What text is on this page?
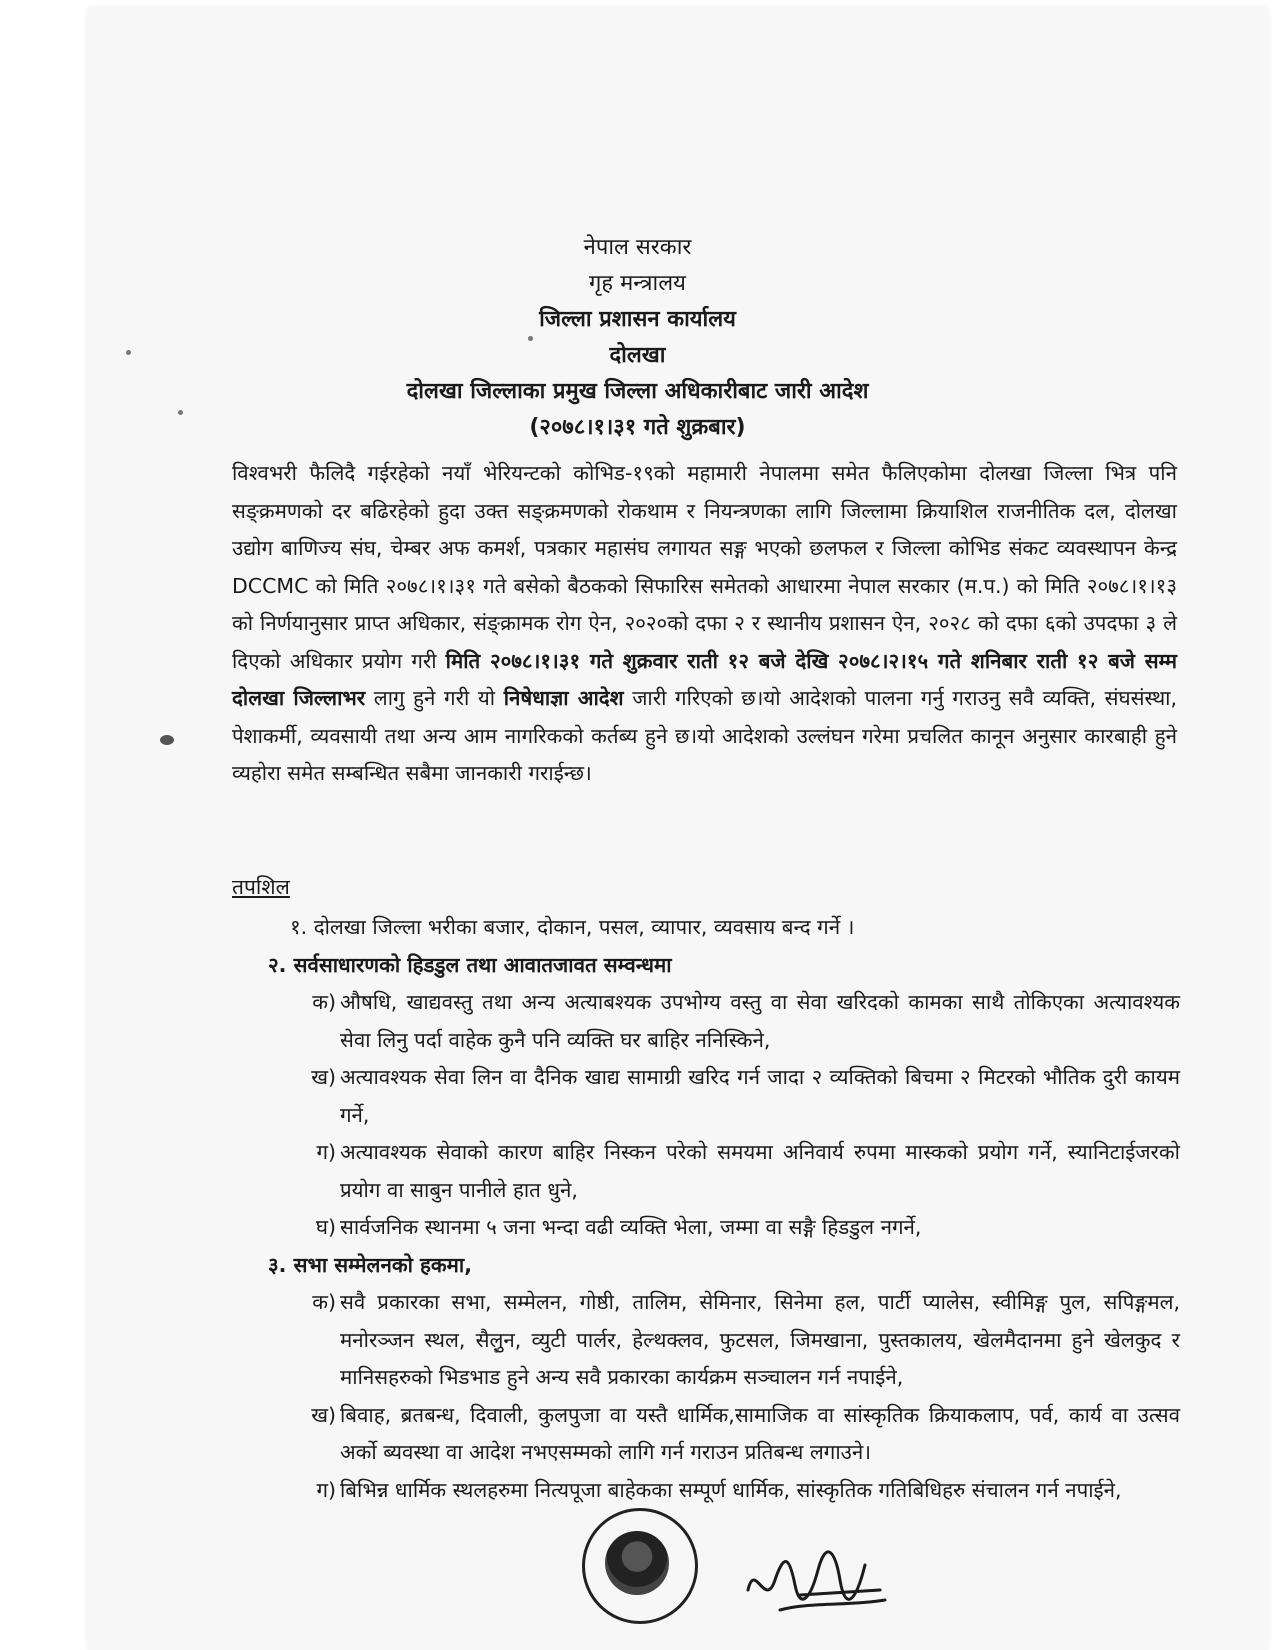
नेपाल सरकार
गृह मन्त्रालय
जिल्ला प्रशासन कार्यालय
दोलखा
दोलखा जिल्लाका प्रमुख जिल्ला अधिकारीबाट जारी आदेश
(२०७८।१।३१ गते शुक्रबार)
विश्वभरी फैलिदै गईरहेको नयाँ भेरियन्टको कोभिड-१९को महामारी नेपालमा समेत फैलिएकोमा दोलखा जिल्ला भित्र पनि सङ्क्रमणको दर बढिरहेको हुदा उक्त सङ्क्रमणको रोकथाम र नियन्त्रणका लागि जिल्लामा क्रियाशिल राजनीतिक दल, दोलखा उद्योग बाणिज्य संघ, चेम्बर अफ कमर्श, पत्रकार महासंघ लगायत सङ्ग भएको छलफल र जिल्ला कोभिड संकट व्यवस्थापन केन्द्र DCCMC को मिति २०७८।१।३१ गते बसेको बैठकको सिफारिस समेतको आधारमा नेपाल सरकार (म.प.) को मिति २०७८।१।१३ को निर्णयानुसार प्राप्त अधिकार, संङ्क्रामक रोग ऐन, २०२०को दफा २ र स्थानीय प्रशासन ऐन, २०२८ को दफा ६को उपदफा ३ ले दिएको अधिकार प्रयोग गरी मिति २०७८।१।३१ गते शुक्रवार राती १२ बजे देखि २०७८।२।१५ गते शनिबार राती १२ बजे सम्म दोलखा जिल्लाभर लागु हुने गरी यो निषेधाज्ञा आदेश जारी गरिएको छ।यो आदेशको पालना गर्नु गराउनु सवै व्यक्ति, संघसंस्था, पेशाकर्मी, व्यवसायी तथा अन्य आम नागरिकको कर्तब्य हुने छ।यो आदेशको उल्लंघन गरेमा प्रचलित कानून अनुसार कारबाही हुने व्यहोरा समेत सम्बन्धित सबैमा जानकारी गराईन्छ।
तपशिल
१. दोलखा जिल्ला भरीका बजार, दोकान, पसल, व्यापार, व्यवसाय बन्द गर्ने ।
२. सर्वसाधारणको हिडडुल तथा आवातजावत सम्वन्धमा
क) औषधि, खाद्यवस्तु तथा अन्य अत्याबश्यक उपभोग्य वस्तु वा सेवा खरिदको कामका साथै तोकिएका अत्यावश्यक सेवा लिनु पर्दा वाहेक कुनै पनि व्यक्ति घर बाहिर ननिस्किने,
ख) अत्यावश्यक सेवा लिन वा दैनिक खाद्य सामाग्री खरिद गर्न जादा २ व्यक्तिको बिचमा २ मिटरको भौतिक दुरी कायम गर्ने,
ग) अत्यावश्यक सेवाको कारण बाहिर निस्कन परेको समयमा अनिवार्य रुपमा मास्कको प्रयोग गर्ने, स्यानिटाईजरको प्रयोग वा साबुन पानीले हात धुने,
घ) सार्वजनिक स्थानमा ५ जना भन्दा वढी व्यक्ति भेला, जम्मा वा सङ्गै हिडडुल नगर्ने,
३. सभा सम्मेलनको हकमा,
क) सवै प्रकारका सभा, सम्मेलन, गोष्ठी, तालिम, सेमिनार, सिनेमा हल, पार्टी प्यालेस, स्वीमिङ्ग पुल, सपिङ्गमल, मनोरञ्जन स्थल, सैलुन, व्युटी पार्लर, हेल्थक्लव, फुटसल, जिमखाना, पुस्तकालय, खेलमैदानमा हुने खेलकुद र मानिसहरुको भिडभाड हुने अन्य सवै प्रकारका कार्यक्रम सञ्चालन गर्न नपाईने,
ख) बिवाह, ब्रतबन्ध, दिवाली, कुलपुजा वा यस्तै धार्मिक,सामाजिक वा सांस्कृतिक क्रियाकलाप, पर्व, कार्य वा उत्सव अर्को ब्यवस्था वा आदेश नभएसम्मको लागि गर्न गराउन प्रतिबन्ध लगाउने।
ग) बिभिन्न धार्मिक स्थलहरुमा नित्यपूजा बाहेकका सम्पूर्ण धार्मिक, सांस्कृतिक गतिबिधिहरु संचालन गर्न नपाईने,
